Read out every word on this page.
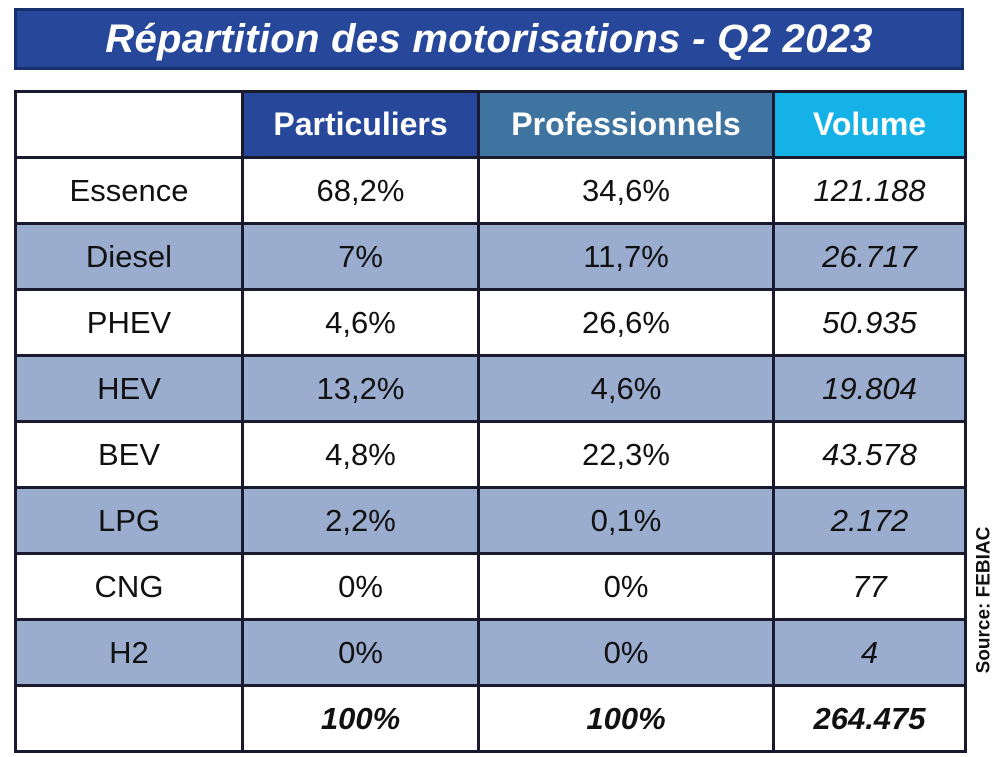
Répartition des motorisations - Q2 2023
	Particuliers	Professionnels	Volume
Essence	68,2%	34,6%	121.188
Diesel	7%	11,7%	26.717
PHEV	4,6%	26,6%	50.935
HEV	13,2%	4,6%	19.804
BEV	4,8%	22,3%	43.578
LPG	2,2%	0,1%	2.172
CNG	0%	0%	77
H2	0%	0%	4
	100%	100%	264.475
Source: FEBIAC
